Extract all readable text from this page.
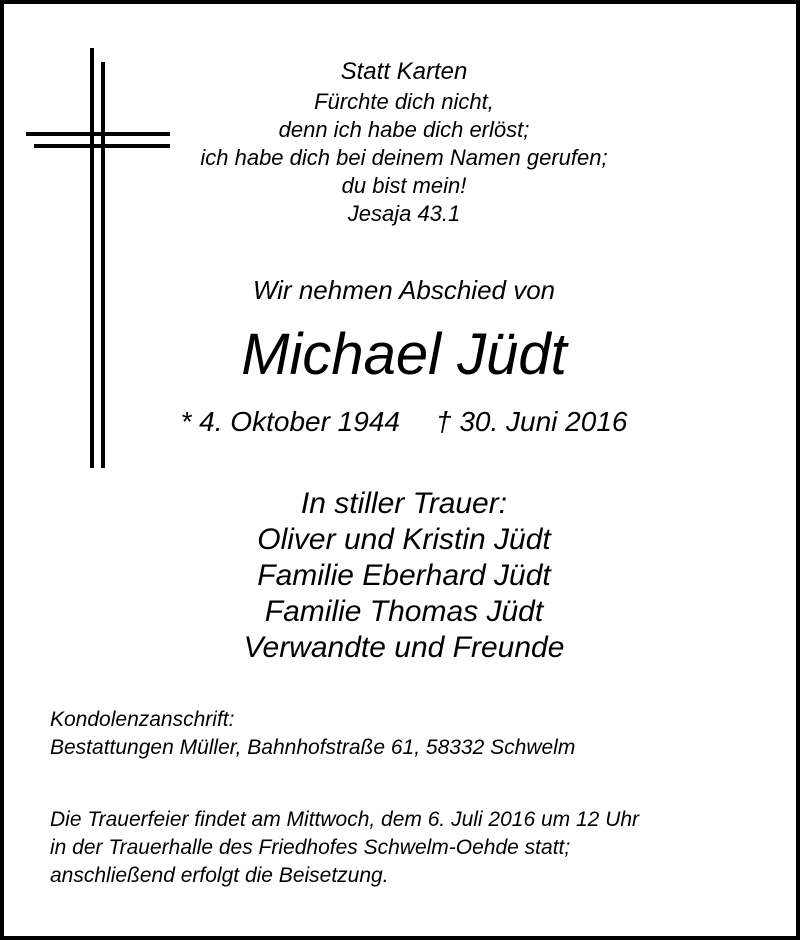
Statt Karten
Fürchte dich nicht,
denn ich habe dich erlöst;
ich habe dich bei deinem Namen gerufen;
du bist mein!
Jesaja 43.1
Wir nehmen Abschied von
Michael Jüdt
* 4. Oktober 1944 † 30. Juni 2016
In stiller Trauer:
Oliver und Kristin Jüdt
Familie Eberhard Jüdt
Familie Thomas Jüdt
Verwandte und Freunde
Kondolenzanschrift:
Bestattungen Müller, Bahnhofstraße 61, 58332 Schwelm
Die Trauerfeier findet am Mittwoch, dem 6. Juli 2016 um 12 Uhr
in der Trauerhalle des Friedhofes Schwelm-Oehde statt;
anschließend erfolgt die Beisetzung.
